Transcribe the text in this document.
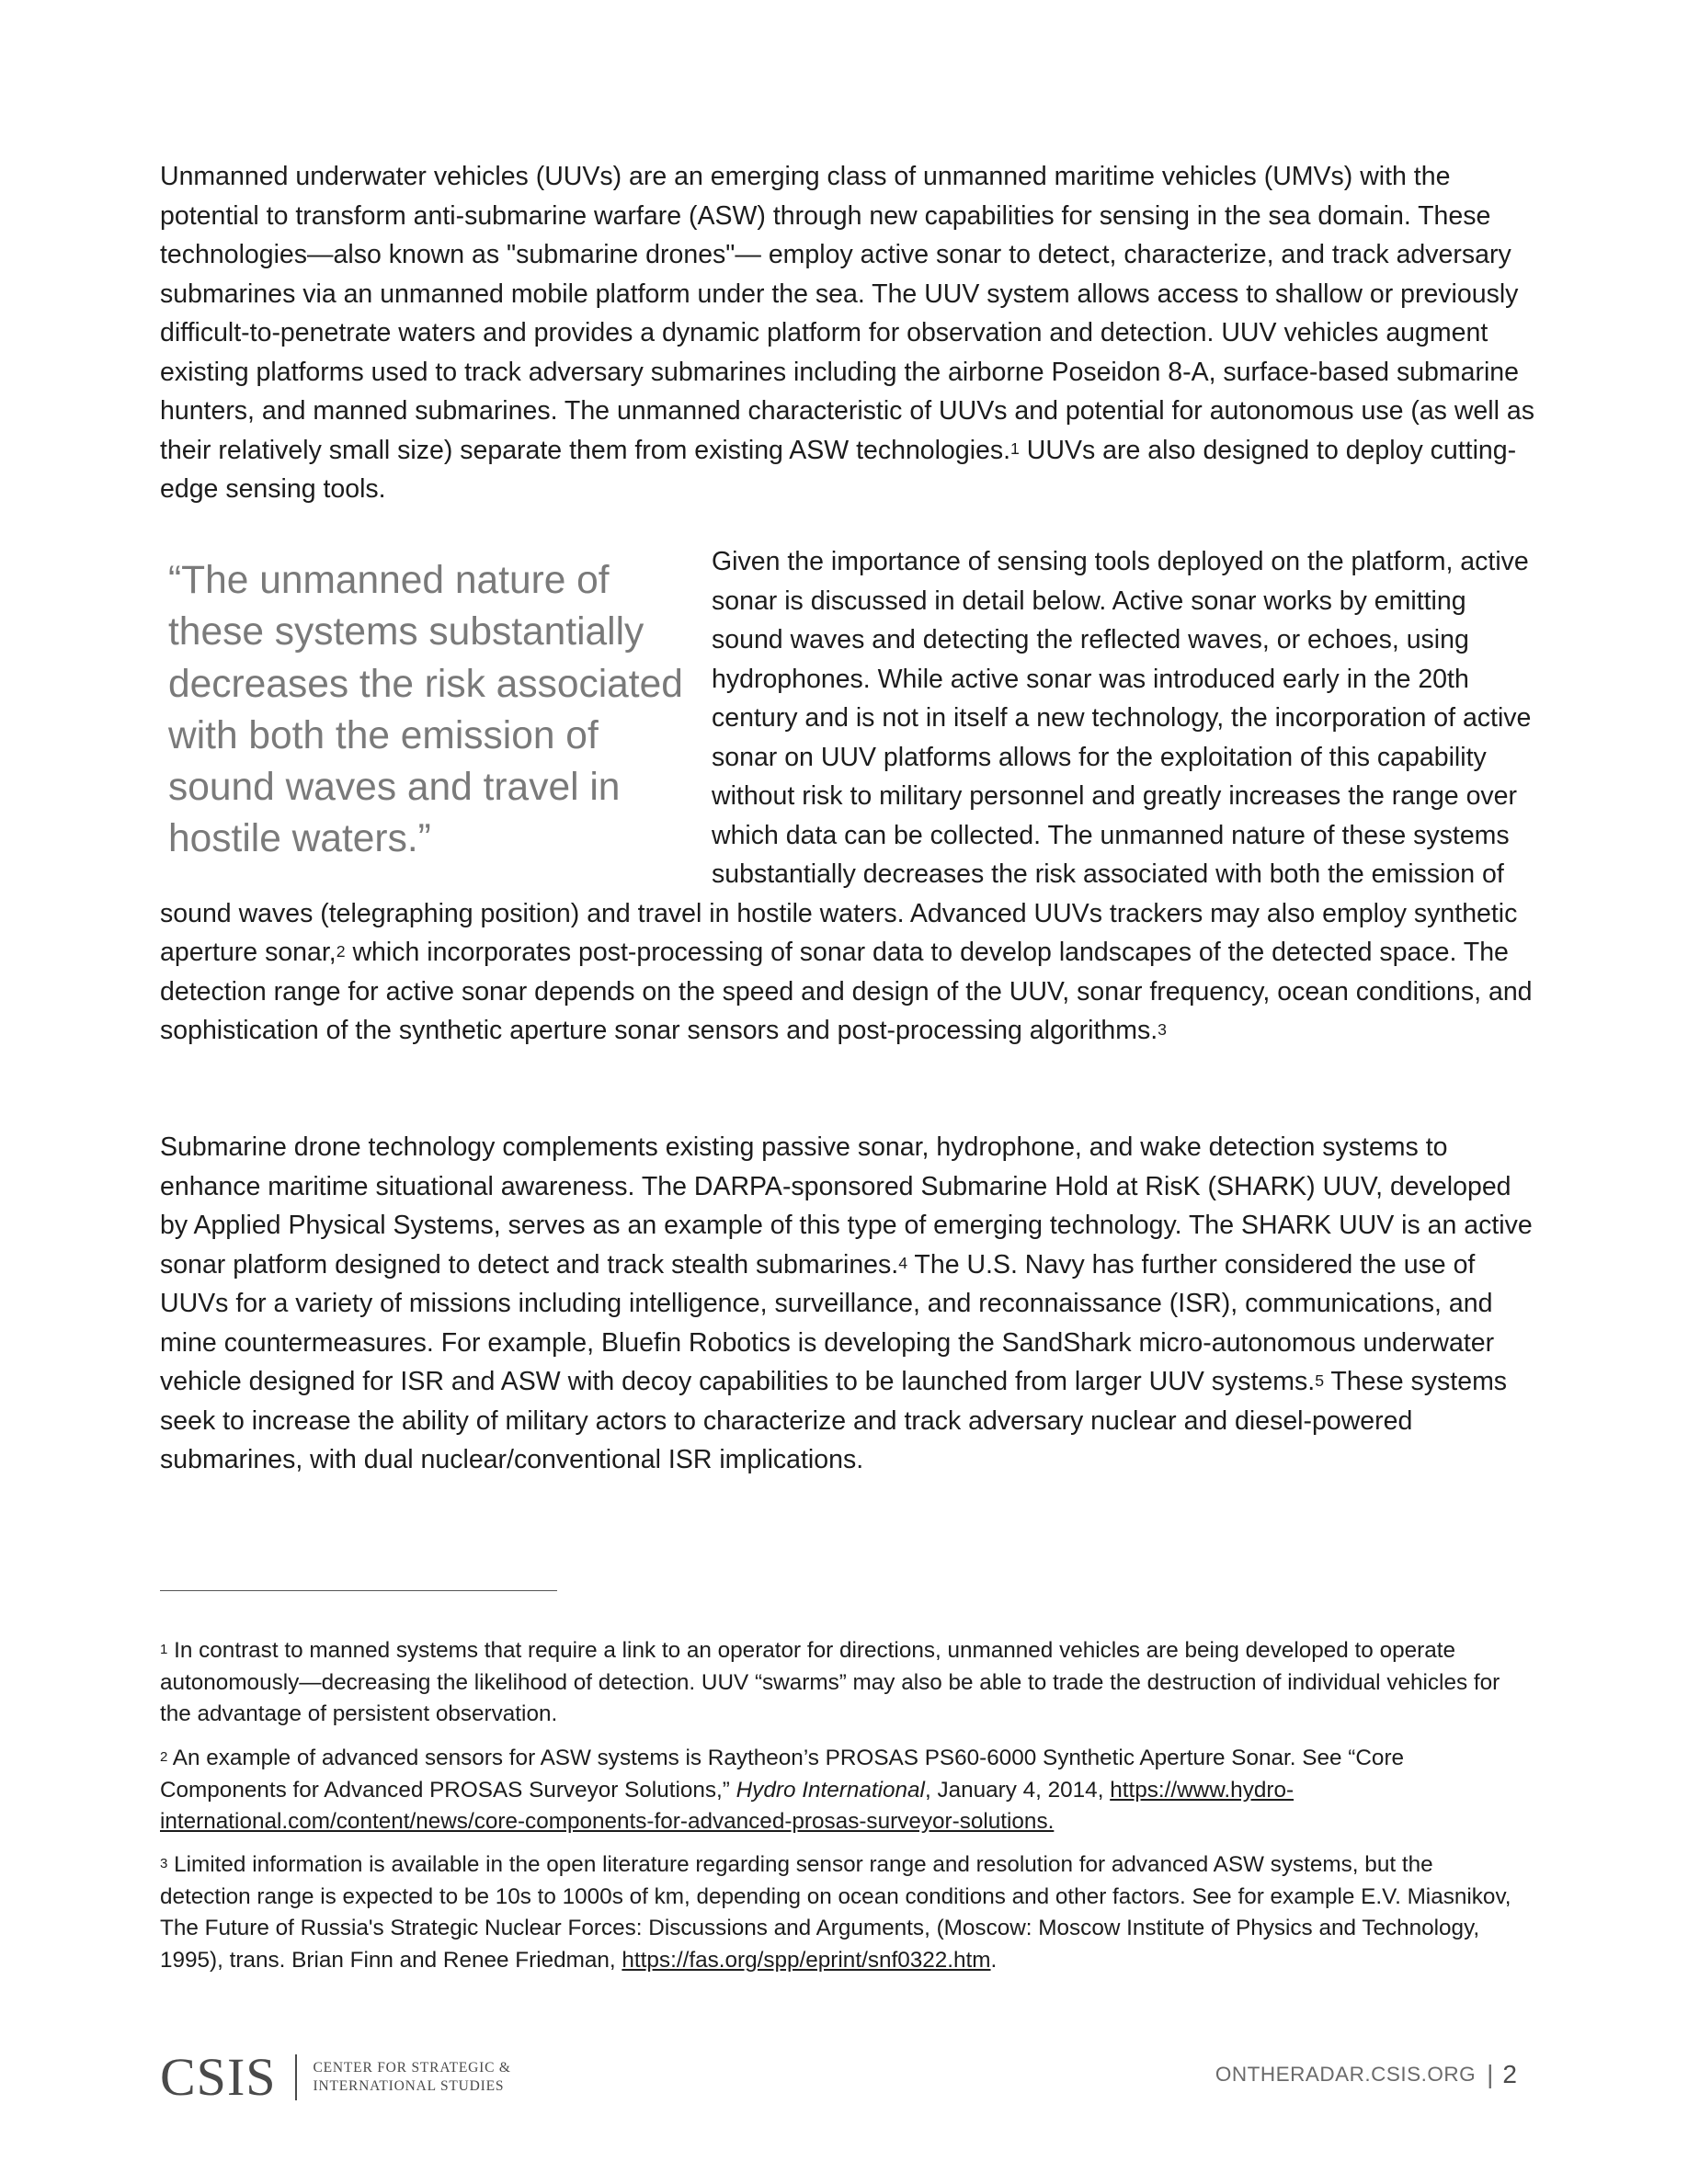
Unmanned underwater vehicles (UUVs) are an emerging class of unmanned maritime vehicles (UMVs) with the potential to transform anti-submarine warfare (ASW) through new capabilities for sensing in the sea domain. These technologies—also known as "submarine drones"— employ active sonar to detect, characterize, and track adversary submarines via an unmanned mobile platform under the sea. The UUV system allows access to shallow or previously difficult-to-penetrate waters and provides a dynamic platform for observation and detection. UUV vehicles augment existing platforms used to track adversary submarines including the airborne Poseidon 8-A, surface-based submarine hunters, and manned submarines. The unmanned characteristic of UUVs and potential for autonomous use (as well as their relatively small size) separate them from existing ASW technologies.$^1$ UUVs are also designed to deploy cutting-edge sensing tools.

“The unmanned nature of these systems substantially decreases the risk associated with both the emission of sound waves and travel in hostile waters.”

Given the importance of sensing tools deployed on the platform, active sonar is discussed in detail below. Active sonar works by emitting sound waves and detecting the reflected waves, or echoes, using hydrophones. While active sonar was introduced early in the 20th century and is not in itself a new technology, the incorporation of active sonar on UUV platforms allows for the exploitation of this capability without risk to military personnel and greatly increases the range over which data can be collected. The unmanned nature of these systems substantially decreases the risk associated with both the emission of sound waves (telegraphing position) and travel in hostile waters. Advanced UUVs trackers may also employ synthetic aperture sonar,$^2$ which incorporates post-processing of sonar data to develop landscapes of the detected space. The detection range for active sonar depends on the speed and design of the UUV, sonar frequency, ocean conditions, and sophistication of the synthetic aperture sonar sensors and post-processing algorithms.$^3$

Submarine drone technology complements existing passive sonar, hydrophone, and wake detection systems to enhance maritime situational awareness. The DARPA-sponsored Submarine Hold at RisK (SHARK) UUV, developed by Applied Physical Systems, serves as an example of this type of emerging technology. The SHARK UUV is an active sonar platform designed to detect and track stealth submarines.$^4$ The U.S. Navy has further considered the use of UUVs for a variety of missions including intelligence, surveillance, and reconnaissance (ISR), communications, and mine countermeasures. For example, Bluefin Robotics is developing the SandShark micro-autonomous underwater vehicle designed for ISR and ASW with decoy capabilities to be launched from larger UUV systems.$^5$ These systems seek to increase the ability of military actors to characterize and track adversary nuclear and diesel-powered submarines, with dual nuclear/conventional ISR implications.

$^1$ In contrast to manned systems that require a link to an operator for directions, unmanned vehicles are being developed to operate autonomously—decreasing the likelihood of detection. UUV “swarms” may also be able to trade the destruction of individual vehicles for the advantage of persistent observation.

$^2$ An example of advanced sensors for ASW systems is Raytheon’s PROSAS PS60-6000 Synthetic Aperture Sonar. See “Core Components for Advanced PROSAS Surveyor Solutions,” Hydro International, January 4, 2014, https://www.hydro-international.com/content/news/core-components-for-advanced-prosas-surveyor-solutions.

$^3$ Limited information is available in the open literature regarding sensor range and resolution for advanced ASW systems, but the detection range is expected to be 10s to 1000s of km, depending on ocean conditions and other factors. See for example E.V. Miasnikov, The Future of Russia's Strategic Nuclear Forces: Discussions and Arguments, (Moscow: Moscow Institute of Physics and Technology, 1995), trans. Brian Finn and Renee Friedman, https://fas.org/spp/eprint/snf0322.htm.

CSIS	CENTER FOR STRATEGIC &
INTERNATIONAL STUDIES
ONTHERADAR.CSIS.ORG | 2
